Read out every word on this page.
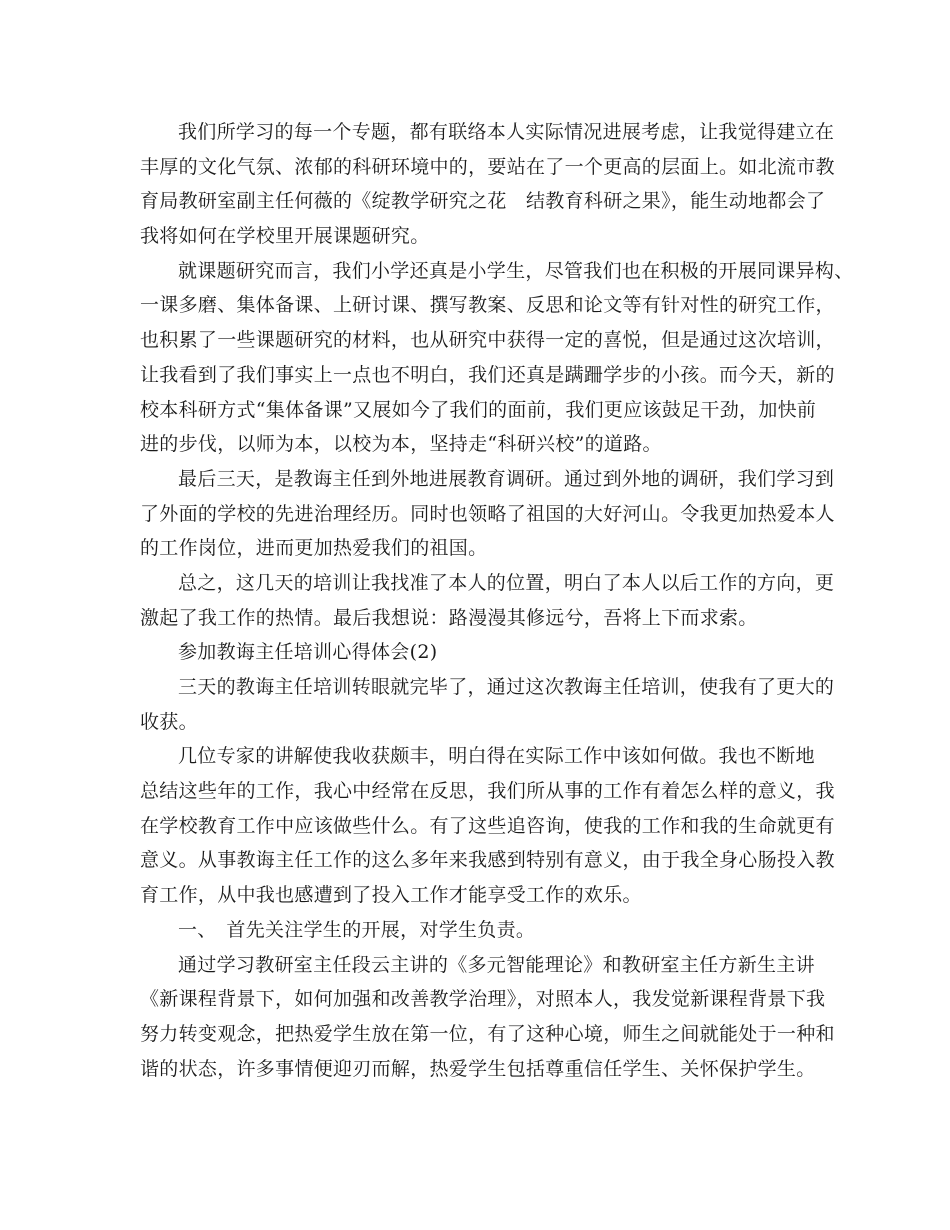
我们所学习的每一个专题，都有联络本人实际情况进展考虑，让我觉得建立在
丰厚的文化气氛、浓郁的科研环境中的，要站在了一个更高的层面上。如北流市教
育局教研室副主任何薇的《绽教学研究之花　结教育科研之果》，能生动地都会了
我将如何在学校里开展课题研究。
就课题研究而言，我们小学还真是小学生，尽管我们也在积极的开展同课异构、
一课多磨、集体备课、上研讨课、撰写教案、反思和论文等有针对性的研究工作，
也积累了一些课题研究的材料，也从研究中获得一定的喜悦，但是通过这次培训，
让我看到了我们事实上一点也不明白，我们还真是蹒跚学步的小孩。而今天，新的
校本科研方式“集体备课”又展如今了我们的面前，我们更应该鼓足干劲，加快前
进的步伐，以师为本，以校为本，坚持走“科研兴校”的道路。
最后三天，是教诲主任到外地进展教育调研。通过到外地的调研，我们学习到
了外面的学校的先进治理经历。同时也领略了祖国的大好河山。令我更加热爱本人
的工作岗位，进而更加热爱我们的祖国。
总之，这几天的培训让我找准了本人的位置，明白了本人以后工作的方向，更
激起了我工作的热情。最后我想说：路漫漫其修远兮，吾将上下而求索。
参加教诲主任培训心得体会(2)
三天的教诲主任培训转眼就完毕了，通过这次教诲主任培训，使我有了更大的
收获。
几位专家的讲解使我收获颇丰，明白得在实际工作中该如何做。我也不断地
总结这些年的工作，我心中经常在反思，我们所从事的工作有着怎么样的意义，我
在学校教育工作中应该做些什么。有了这些追咨询，使我的工作和我的生命就更有
意义。从事教诲主任工作的这么多年来我感到特别有意义，由于我全身心肠投入教
育工作，从中我也感遭到了投入工作才能享受工作的欢乐。
一、　首先关注学生的开展，对学生负责。
通过学习教研室主任段云主讲的《多元智能理论》和教研室主任方新生主讲
《新课程背景下，如何加强和改善教学治理》，对照本人，我发觉新课程背景下我
努力转变观念，把热爱学生放在第一位，有了这种心境，师生之间就能处于一种和
谐的状态，许多事情便迎刃而解，热爱学生包括尊重信任学生、关怀保护学生。
